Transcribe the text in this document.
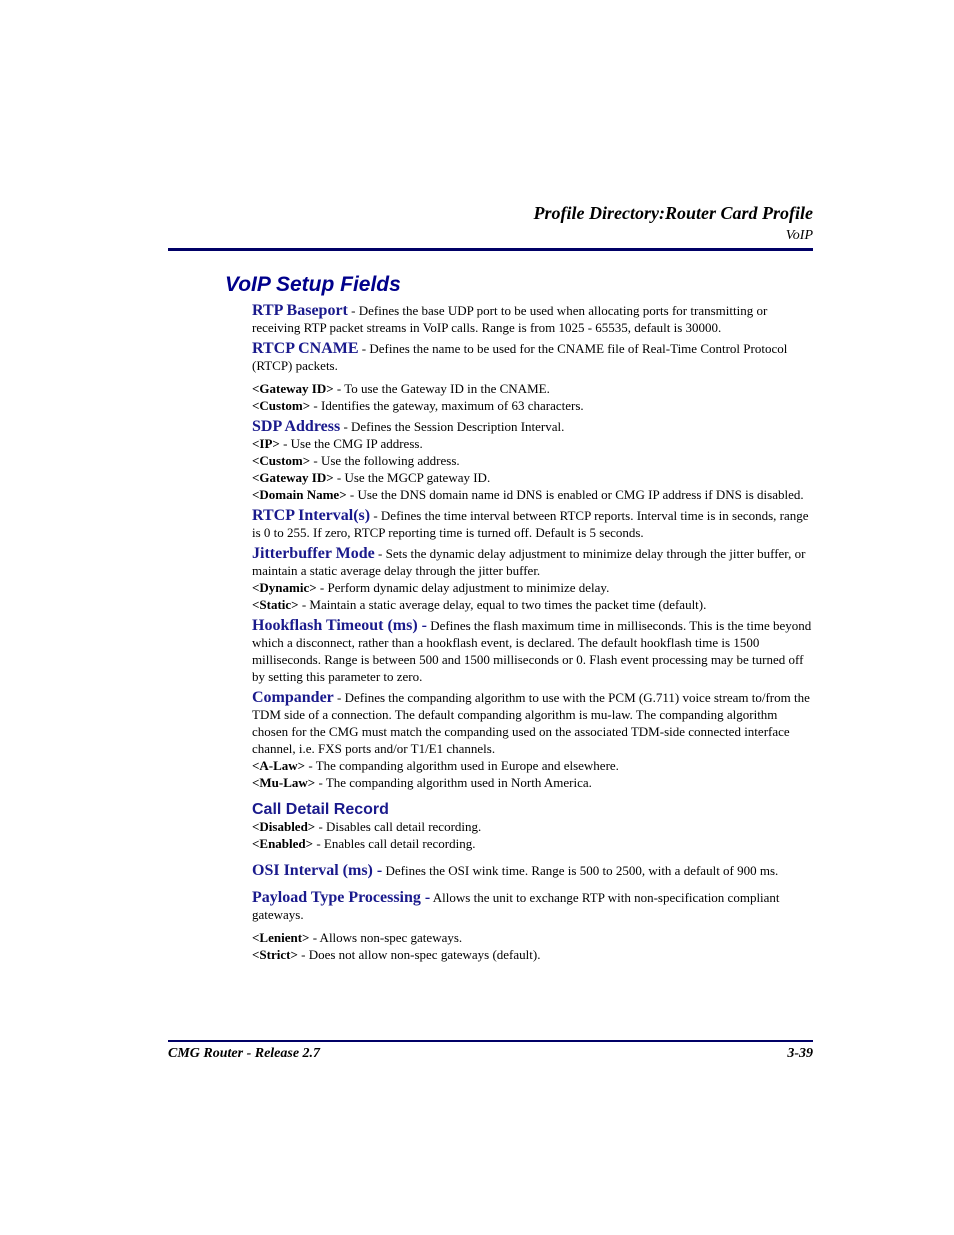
Profile Directory:Router Card Profile
VoIP
VoIP Setup Fields
RTP Baseport - Defines the base UDP port to be used when allocating ports for transmitting or receiving RTP packet streams in VoIP calls. Range is from 1025 - 65535, default is 30000.
RTCP CNAME - Defines the name to be used for the CNAME file of Real-Time Control Protocol (RTCP) packets.
<Gateway ID> - To use the Gateway ID in the CNAME.
<Custom> - Identifies the gateway, maximum of 63 characters.
SDP Address - Defines the Session Description Interval.
<IP> - Use the CMG IP address.
<Custom> - Use the following address.
<Gateway ID> - Use the MGCP gateway ID.
<Domain Name> - Use the DNS domain name id DNS is enabled or CMG IP address if DNS is disabled.
RTCP Interval(s) - Defines the time interval between RTCP reports. Interval time is in seconds, range is 0 to 255. If zero, RTCP reporting time is turned off. Default is 5 seconds.
Jitterbuffer Mode - Sets the dynamic delay adjustment to minimize delay through the jitter buffer, or maintain a static average delay through the jitter buffer.
<Dynamic> - Perform dynamic delay adjustment to minimize delay.
<Static> - Maintain a static average delay, equal to two times the packet time (default).
Hookflash Timeout (ms) - Defines the flash maximum time in milliseconds. This is the time beyond which a disconnect, rather than a hookflash event, is declared. The default hookflash time is 1500 milliseconds. Range is between 500 and 1500 milliseconds or 0. Flash event processing may be turned off by setting this parameter to zero.
Compander - Defines the companding algorithm to use with the PCM (G.711) voice stream to/from the TDM side of a connection. The default companding algorithm is mu-law. The companding algorithm chosen for the CMG must match the companding used on the associated TDM-side connected interface channel, i.e. FXS ports and/or T1/E1 channels.
<A-Law> - The companding algorithm used in Europe and elsewhere.
<Mu-Law> - The companding algorithm used in North America.
Call Detail Record
<Disabled> - Disables call detail recording.
<Enabled> - Enables call detail recording.
OSI Interval (ms) - Defines the OSI wink time. Range is 500 to 2500, with a default of 900 ms.
Payload Type Processing - Allows the unit to exchange RTP with non-specification compliant gateways.
<Lenient> - Allows non-spec gateways.
<Strict> - Does not allow non-spec gateways (default).
CMG Router - Release 2.7	3-39
